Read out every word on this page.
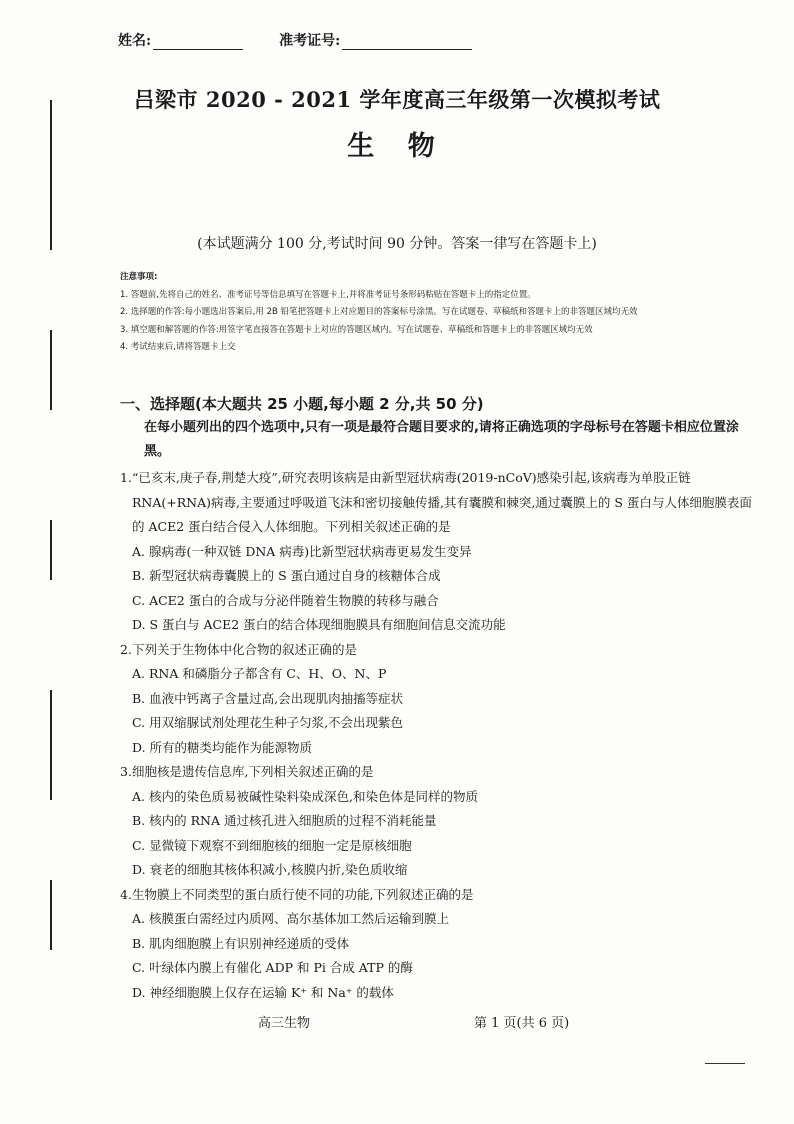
姓名:	准考证号:
吕梁市 2020 - 2021 学年度高三年级第一次模拟考试
生 物
(本试题满分 100 分,考试时间 90 分钟。答案一律写在答题卡上)
注意事项:
1. 答题前,先将自己的姓名、准考证号等信息填写在答题卡上,并将准考证号条形码粘贴在答题卡上的指定位置。
2. 选择题的作答:每小题选出答案后,用 2B 铅笔把答题卡上对应题目的答案标号涂黑。写在试题卷、草稿纸和答题卡上的非答题区域均无效
3. 填空题和解答题的作答:用签字笔直接答在答题卡上对应的答题区域内。写在试题卷、草稿纸和答题卡上的非答题区域均无效
4. 考试结束后,请将答题卡上交
一、选择题(本大题共 25 小题,每小题 2 分,共 50 分)
在每小题列出的四个选项中,只有一项是最符合题目要求的,请将正确选项的字母标号在答题卡相应位置涂黑。
1. “已亥末,庚子春,荆楚大疫”,研究表明该病是由新型冠状病毒(2019-nCoV)感染引起,该病毒为单股正链 RNA(+RNA)病毒,主要通过呼吸道飞沫和密切接触传播,其有囊膜和棘突,通过囊膜上的 S 蛋白与人体细胞膜表面的 ACE2 蛋白结合侵入人体细胞。下列相关叙述正确的是
A. 腺病毒(一种双链 DNA 病毒)比新型冠状病毒更易发生变异
B. 新型冠状病毒囊膜上的 S 蛋白通过自身的核糖体合成
C. ACE2 蛋白的合成与分泌伴随着生物膜的转移与融合
D. S 蛋白与 ACE2 蛋白的结合体现细胞膜具有细胞间信息交流功能
2. 下列关于生物体中化合物的叙述正确的是
A. RNA 和磷脂分子都含有 C、H、O、N、P
B. 血液中钙离子含量过高,会出现肌肉抽搐等症状
C. 用双缩脲试剂处理花生种子匀浆,不会出现紫色
D. 所有的糖类均能作为能源物质
3. 细胞核是遗传信息库,下列相关叙述正确的是
A. 核内的染色质易被碱性染料染成深色,和染色体是同样的物质
B. 核内的 RNA 通过核孔进入细胞质的过程不消耗能量
C. 显微镜下观察不到细胞核的细胞一定是原核细胞
D. 衰老的细胞其核体积减小,核膜内折,染色质收缩
4. 生物膜上不同类型的蛋白质行使不同的功能,下列叙述正确的是
A. 核膜蛋白需经过内质网、高尔基体加工然后运输到膜上
B. 肌肉细胞膜上有识别神经递质的受体
C. 叶绿体内膜上有催化 ADP 和 Pi 合成 ATP 的酶
D. 神经细胞膜上仅存在运输 K⁺ 和 Na⁺ 的载体
高三生物	第 1 页(共 6 页)
